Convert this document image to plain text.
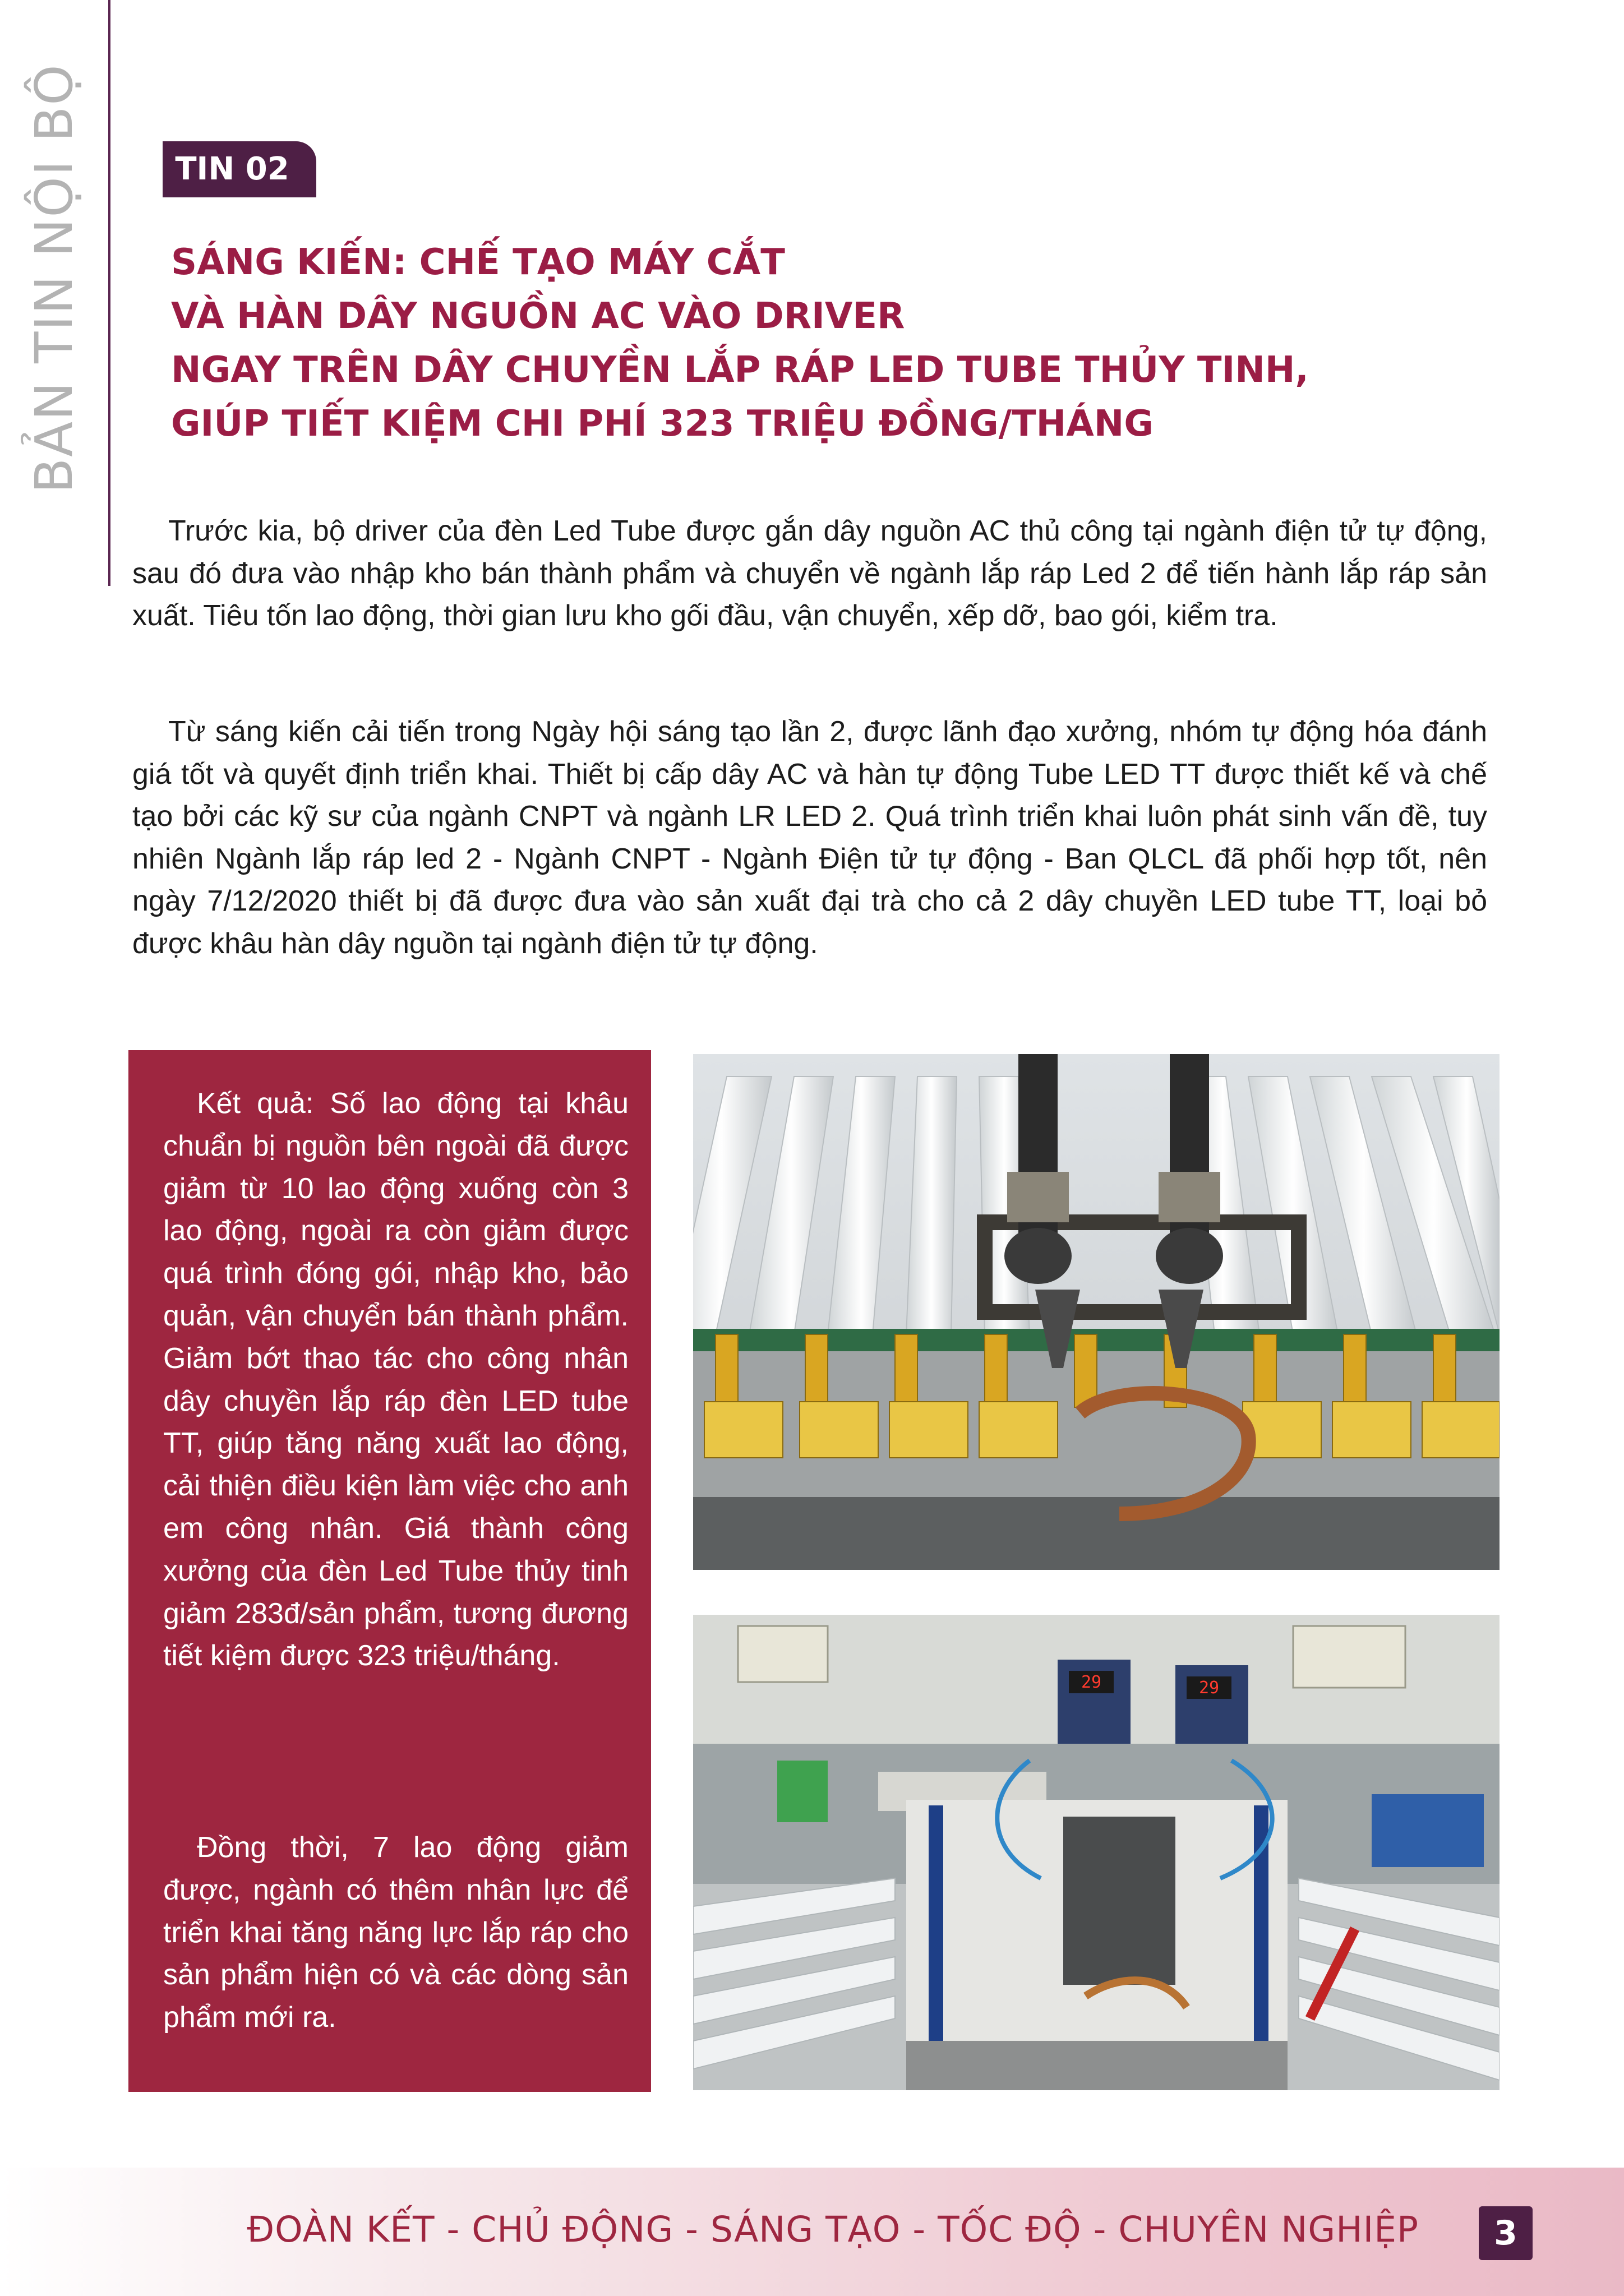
BẢN TIN NỘI BỘ	TIN 02
SÁNG KIẾN: CHẾ TẠO MÁY CẮT
VÀ HÀN DÂY NGUỒN AC VÀO DRIVER
NGAY TRÊN DÂY CHUYỀN LẮP RÁP LED TUBE THỦY TINH,
GIÚP TIẾT KIỆM CHI PHÍ 323 TRIỆU ĐỒNG/THÁNG

Trước kia, bộ driver của đèn Led Tube được gắn dây nguồn AC thủ công tại ngành điện tử tự động, sau đó đưa vào nhập kho bán thành phẩm và chuyển về ngành lắp ráp Led 2 để tiến hành lắp ráp sản xuất. Tiêu tốn lao động, thời gian lưu kho gối đầu, vận chuyển, xếp dỡ, bao gói, kiểm tra.

Từ sáng kiến cải tiến trong Ngày hội sáng tạo lần 2, được lãnh đạo xưởng, nhóm tự động hóa đánh giá tốt và quyết định triển khai. Thiết bị cấp dây AC và hàn tự động Tube LED TT được thiết kế và chế tạo bởi các kỹ sư của ngành CNPT và ngành LR LED 2. Quá trình triển khai luôn phát sinh vấn đề, tuy nhiên Ngành lắp ráp led 2 - Ngành CNPT - Ngành Điện tử tự động - Ban QLCL đã phối hợp tốt, nên ngày 7/12/2020 thiết bị đã được đưa vào sản xuất đại trà cho cả 2 dây chuyền LED tube TT, loại bỏ được khâu hàn dây nguồn tại ngành điện tử tự động.

Kết quả: Số lao động tại khâu chuẩn bị nguồn bên ngoài đã được giảm từ 10 lao động xuống còn 3 lao động, ngoài ra còn giảm được quá trình đóng gói, nhập kho, bảo quản, vận chuyển bán thành phẩm. Giảm bớt thao tác cho công nhân dây chuyền lắp ráp đèn LED tube TT, giúp tăng năng xuất lao động, cải thiện điều kiện làm việc cho anh em công nhân. Giá thành công xưởng của đèn Led Tube thủy tinh giảm 283đ/sản phẩm, tương đương tiết kiệm được 323 triệu/tháng.

Đồng thời, 7 lao động giảm được, ngành có thêm nhân lực để triển khai tăng năng lực lắp ráp cho sản phẩm hiện có và các dòng sản phẩm mới ra.

29	29
ĐOÀN KẾT - CHỦ ĐỘNG - SÁNG TẠO - TỐC ĐỘ - CHUYÊN NGHIỆP	3
